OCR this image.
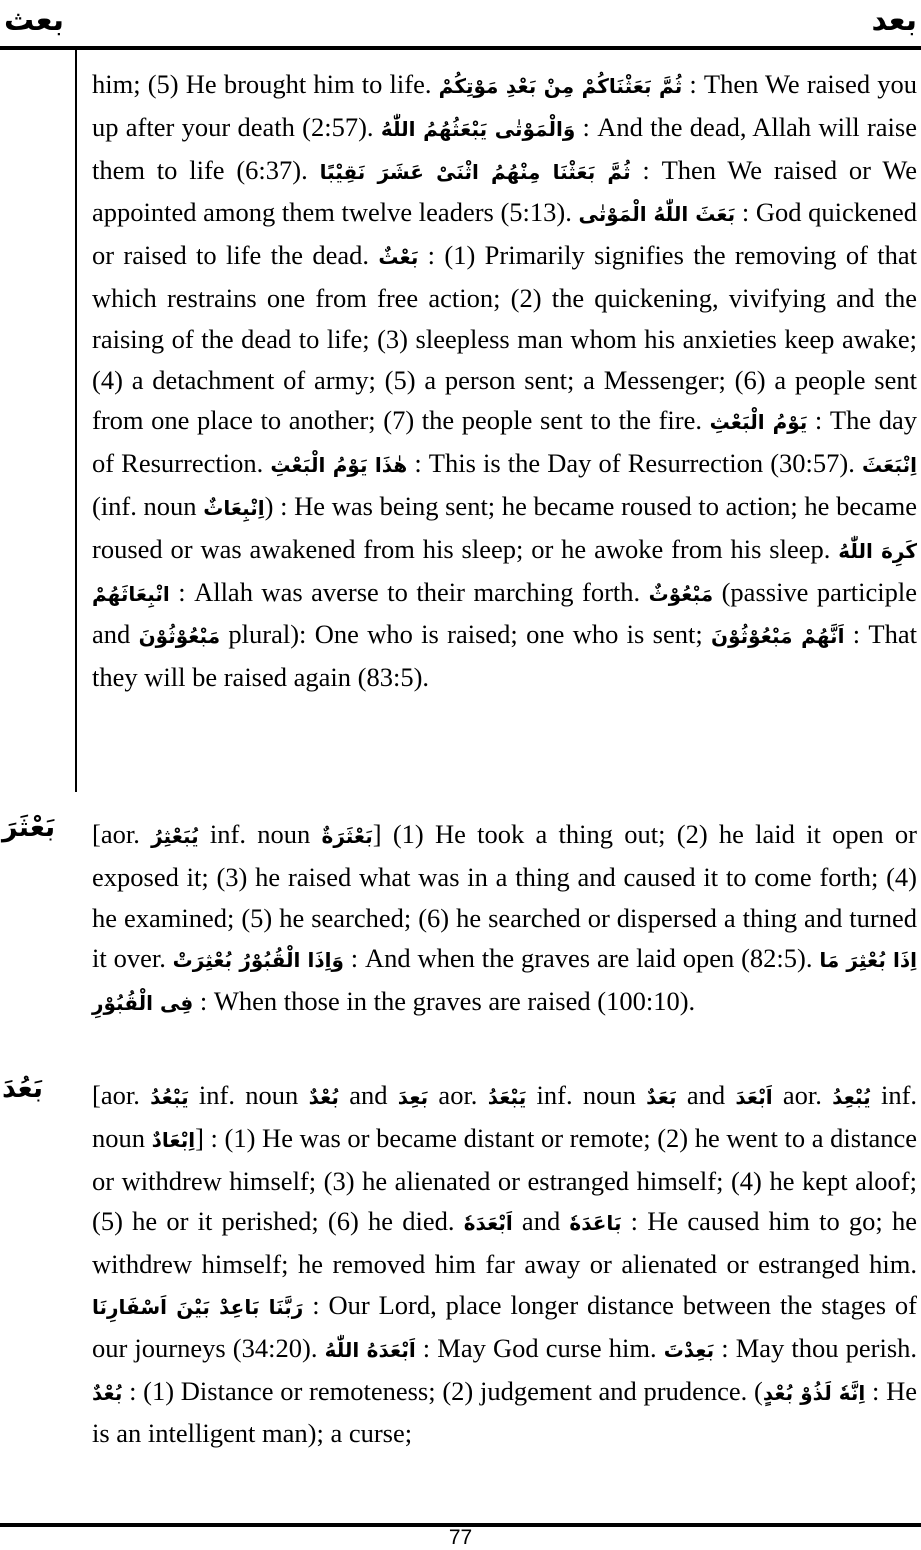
بعث	بعد
بَعْثَرَ
بَعُدَ
him; (5) He brought him to life. ثُمَّ بَعَثْنَاكُمْ مِنْ بَعْدِ مَوْتِكُمْ : Then We raised you up after your death (2:57). وَالْمَوْتٰى يَبْعَثُهُمُ اللّٰهُ : And the dead, Allah will raise them to life (6:37). ثُمَّ بَعَثْنَا مِنْهُمُ اثْنَىْ عَشَرَ نَقِيْبًا : Then We raised or We appointed among them twelve leaders (5:13). بَعَثَ اللّٰهُ الْمَوْتٰى : God quickened or raised to life the dead. بَعْثٌ : (1) Primarily signifies the removing of that which restrains one from free action; (2) the quickening, vivifying and the raising of the dead to life; (3) sleepless man whom his anxieties keep awake; (4) a detachment of army; (5) a person sent; a Messenger; (6) a people sent from one place to another; (7) the people sent to the fire. يَوْمُ الْبَعْثِ : The day of Resurrection. هٰذَا يَوْمُ الْبَعْثِ : This is the Day of Resurrection (30:57). اِنْبَعَثَ (inf. noun اِنْبِعَاثٌ) : He was being sent; he became roused to action; he became roused or was awakened from his sleep; or he awoke from his sleep. كَرِهَ اللّٰهُ انْبِعَاثَهُمْ : Allah was averse to their marching forth. مَبْعُوْثٌ (passive participle and مَبْعُوْثُوْنَ plural): One who is raised; one who is sent; اَنَّهُمْ مَبْعُوْثُوْنَ : That they will be raised again (83:5).
[aor. يُبَعْثِرُ inf. noun بَعْثَرَةٌ] (1) He took a thing out; (2) he laid it open or exposed it; (3) he raised what was in a thing and caused it to come forth; (4) he examined; (5) he searched; (6) he searched or dispersed a thing and turned it over. وَاِذَا الْقُبُوْرُ بُعْثِرَتْ : And when the graves are laid open (82:5). اِذَا بُعْثِرَ مَا فِى الْقُبُوْرِ : When those in the graves are raised (100:10).
[aor. يَبْعُدُ inf. noun بُعْدٌ and بَعِدَ aor. يَبْعَدُ inf. noun بَعَدٌ and اَبْعَدَ aor. يُبْعِدُ inf. noun اِبْعَادٌ] : (1) He was or became distant or remote; (2) he went to a distance or withdrew himself; (3) he alienated or estranged himself; (4) he kept aloof; (5) he or it perished; (6) he died. اَبْعَدَهٗ and بَاعَدَهٗ : He caused him to go; he withdrew himself; he removed him far away or alienated or estranged him. رَبَّنَا بَاعِدْ بَيْنَ اَسْفَارِنَا : Our Lord, place longer distance between the stages of our journeys (34:20). اَبْعَدَهُ اللّٰهُ : May God curse him. بَعِدْتَ : May thou perish. بُعْدٌ : (1) Distance or remoteness; (2) judgement and prudence. (اِنَّهٗ لَذُوْ بُعْدٍ : He is an intelligent man); a curse;
77
